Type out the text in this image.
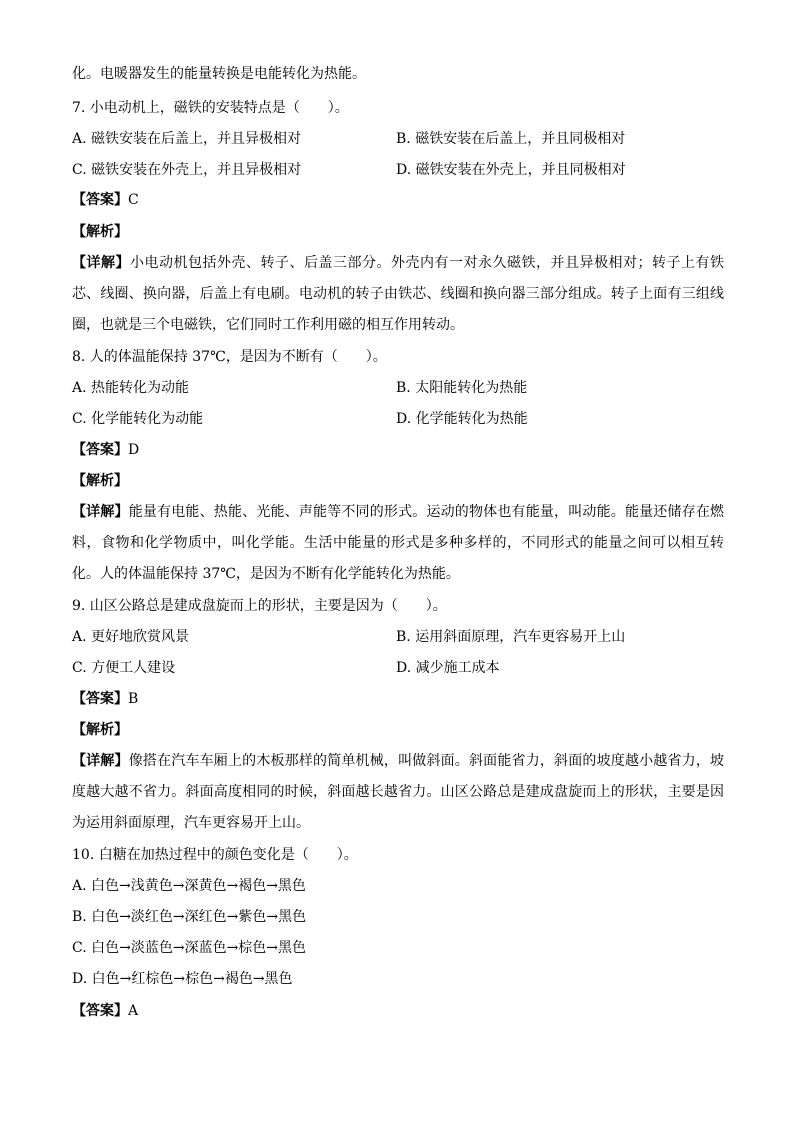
化。电暖器发生的能量转换是电能转化为热能。
7. 小电动机上，磁铁的安装特点是（　　）。
A. 磁铁安装在后盖上，并且异极相对	B. 磁铁安装在后盖上，并且同极相对
C. 磁铁安装在外壳上，并且异极相对	D. 磁铁安装在外壳上，并且同极相对
【答案】C
【解析】
【详解】小电动机包括外壳、转子、后盖三部分。外壳内有一对永久磁铁，并且异极相对；转子上有铁芯、线圈、换向器，后盖上有电刷。电动机的转子由铁芯、线圈和换向器三部分组成。转子上面有三组线圈，也就是三个电磁铁，它们同时工作利用磁的相互作用转动。
8. 人的体温能保持 37℃，是因为不断有（　　）。
A. 热能转化为动能	B. 太阳能转化为热能
C. 化学能转化为动能	D. 化学能转化为热能
【答案】D
【解析】
【详解】能量有电能、热能、光能、声能等不同的形式。运动的物体也有能量，叫动能。能量还储存在燃料，食物和化学物质中，叫化学能。生活中能量的形式是多种多样的，不同形式的能量之间可以相互转化。人的体温能保持 37℃，是因为不断有化学能转化为热能。
9. 山区公路总是建成盘旋而上的形状，主要是因为（　　）。
A. 更好地欣赏风景	B. 运用斜面原理，汽车更容易开上山
C. 方便工人建设	D. 减少施工成本
【答案】B
【解析】
【详解】像搭在汽车车厢上的木板那样的简单机械，叫做斜面。斜面能省力，斜面的坡度越小越省力，坡度越大越不省力。斜面高度相同的时候，斜面越长越省力。山区公路总是建成盘旋而上的形状，主要是因为运用斜面原理，汽车更容易开上山。
10. 白糖在加热过程中的颜色变化是（　　）。
A. 白色→浅黄色→深黄色→褐色→黑色
B. 白色→淡红色→深红色→紫色→黑色
C. 白色→淡蓝色→深蓝色→棕色→黑色
D. 白色→红棕色→棕色→褐色→黑色
【答案】A
